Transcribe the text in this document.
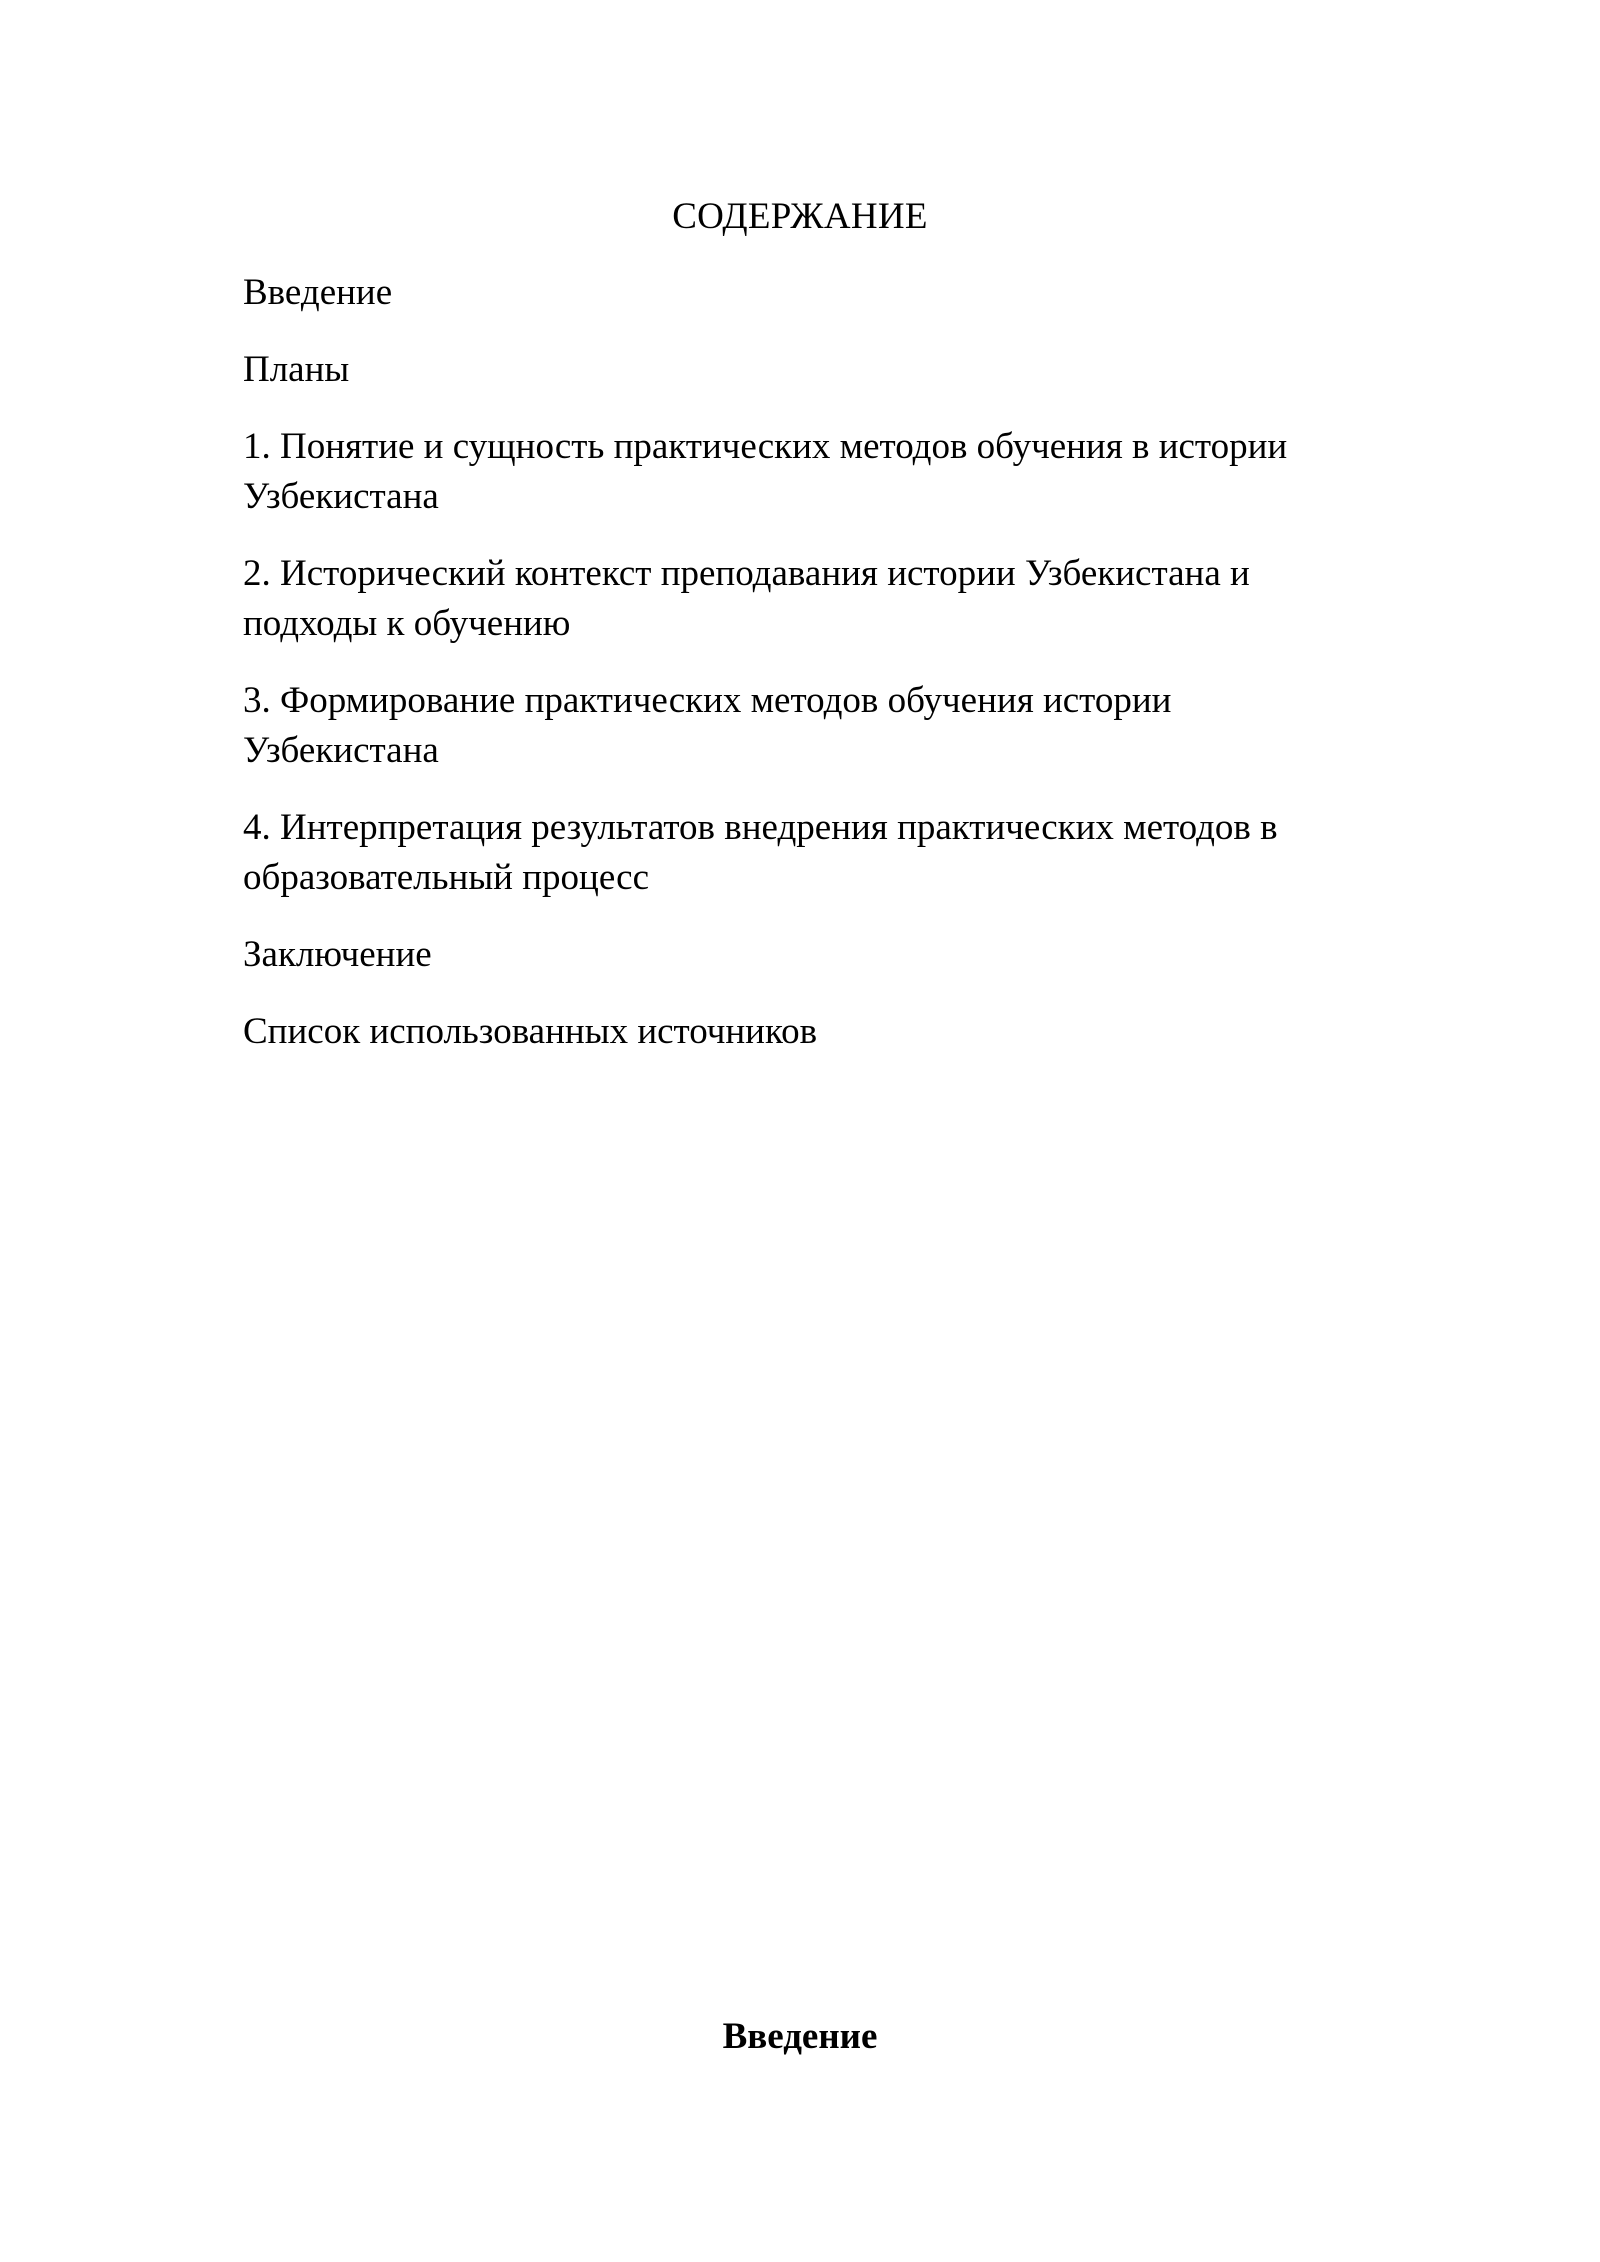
СОДЕРЖАНИЕ
Введение
Планы
1. Понятие и сущность практических методов обучения в истории Узбекистана
2. Исторический контекст преподавания истории Узбекистана и подходы к обучению
3. Формирование практических методов обучения истории Узбекистана
4. Интерпретация результатов внедрения практических методов в образовательный процесс
Заключение
Список использованных источников
Введение
